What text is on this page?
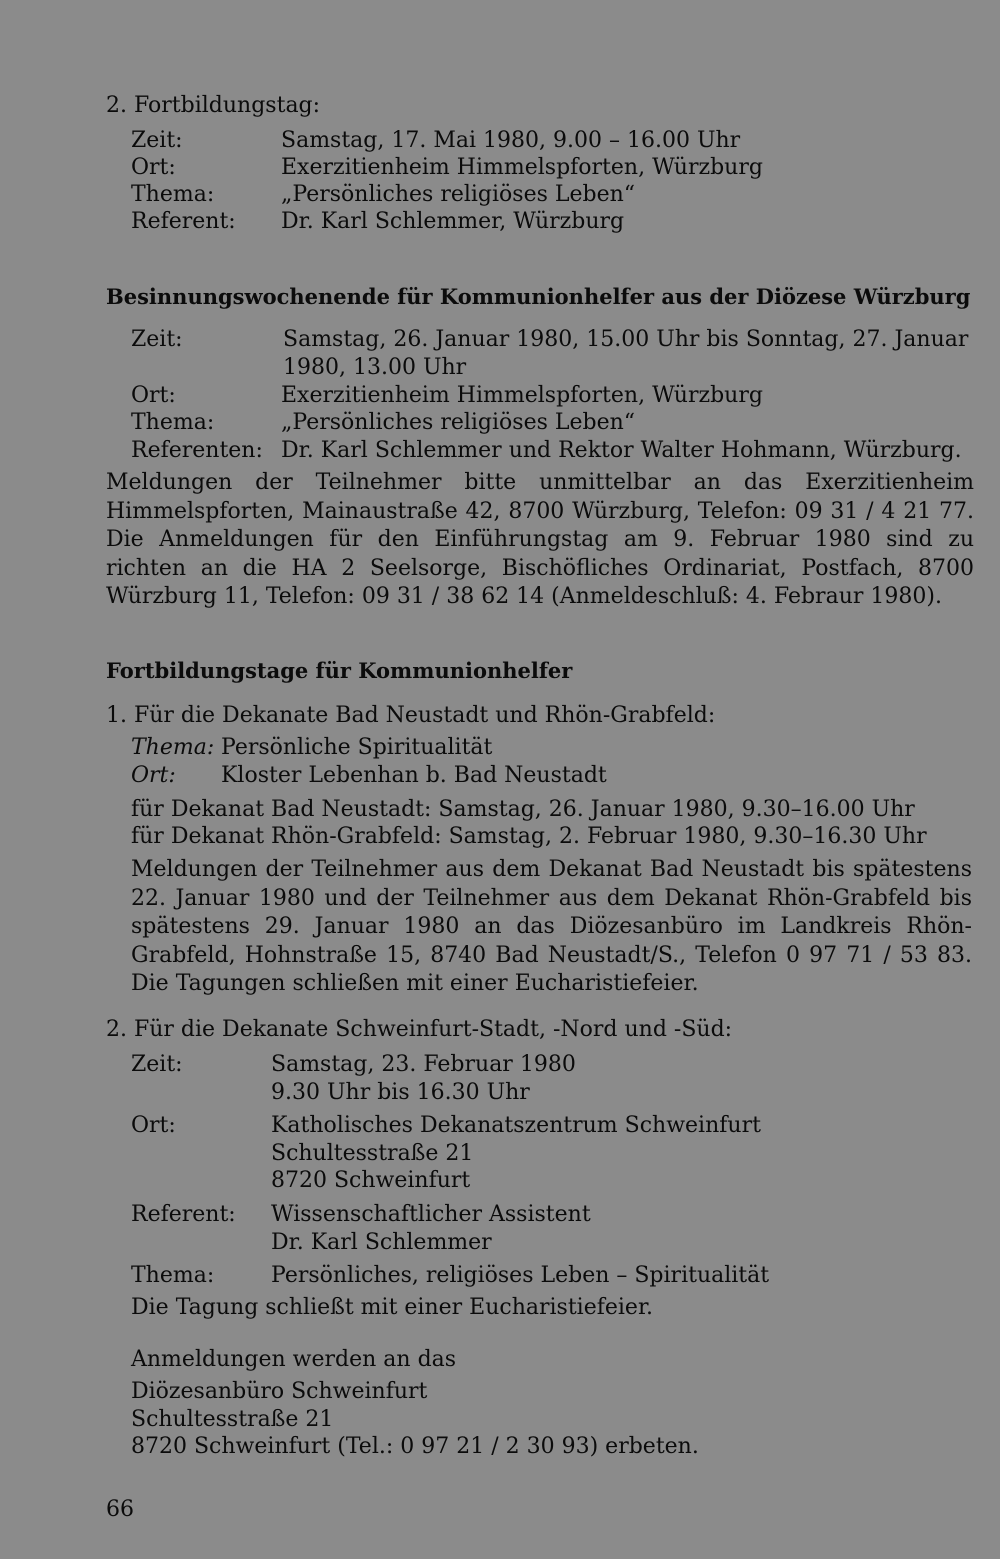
2. Fortbildungstag:
Zeit:	Samstag, 17. Mai 1980, 9.00 – 16.00 Uhr
Ort:	Exerzitienheim Himmelspforten, Würzburg
Thema:	„Persönliches religiöses Leben“
Referent: Dr. Karl Schlemmer, Würzburg
Besinnungswochenende für Kommunionhelfer aus der Diözese Würzburg
Zeit:	Samstag, 26. Januar 1980, 15.00 Uhr bis Sonntag, 27. Januar
1980, 13.00 Uhr
Ort:	Exerzitienheim Himmelspforten, Würzburg
Thema:	„Persönliches religiöses Leben“
Referenten: Dr. Karl Schlemmer und Rektor Walter Hohmann, Würzburg.
Meldungen der Teilnehmer bitte unmittelbar an das Exerzitienheim Himmelspforten, Mainaustraße 42, 8700 Würzburg, Telefon: 09 31 / 4 21 77. Die Anmeldungen für den Einführungstag am 9. Februar 1980 sind zu richten an die HA 2 Seelsorge, Bischöfliches Ordinariat, Postfach, 8700 Würzburg 11, Telefon: 09 31 / 38 62 14 (Anmeldeschluß: 4. Febraur 1980).
Fortbildungstage für Kommunionhelfer
1. Für die Dekanate Bad Neustadt und Rhön-Grabfeld:
Thema: Persönliche Spiritualität
Ort: Kloster Lebenhan b. Bad Neustadt
für Dekanat Bad Neustadt: Samstag, 26. Januar 1980, 9.30–16.00 Uhr
für Dekanat Rhön-Grabfeld: Samstag, 2. Februar 1980, 9.30–16.30 Uhr
Meldungen der Teilnehmer aus dem Dekanat Bad Neustadt bis spätestens 22. Januar 1980 und der Teilnehmer aus dem Dekanat Rhön-Grabfeld bis spätestens 29. Januar 1980 an das Diözesanbüro im Landkreis Rhön-Grabfeld, Hohnstraße 15, 8740 Bad Neustadt/S., Telefon 0 97 71 / 53 83. Die Tagungen schließen mit einer Eucharistiefeier.
2. Für die Dekanate Schweinfurt-Stadt, -Nord und -Süd:
Zeit:	Samstag, 23. Februar 1980
9.30 Uhr bis 16.30 Uhr
Ort:	Katholisches Dekanatszentrum Schweinfurt
Schultesstraße 21
8720 Schweinfurt
Referent: Wissenschaftlicher Assistent
Dr. Karl Schlemmer
Thema:	Persönliches, religiöses Leben – Spiritualität
Die Tagung schließt mit einer Eucharistiefeier.
Anmeldungen werden an das
Diözesanbüro Schweinfurt
Schultesstraße 21
8720 Schweinfurt (Tel.: 0 97 21 / 2 30 93) erbeten.
66
